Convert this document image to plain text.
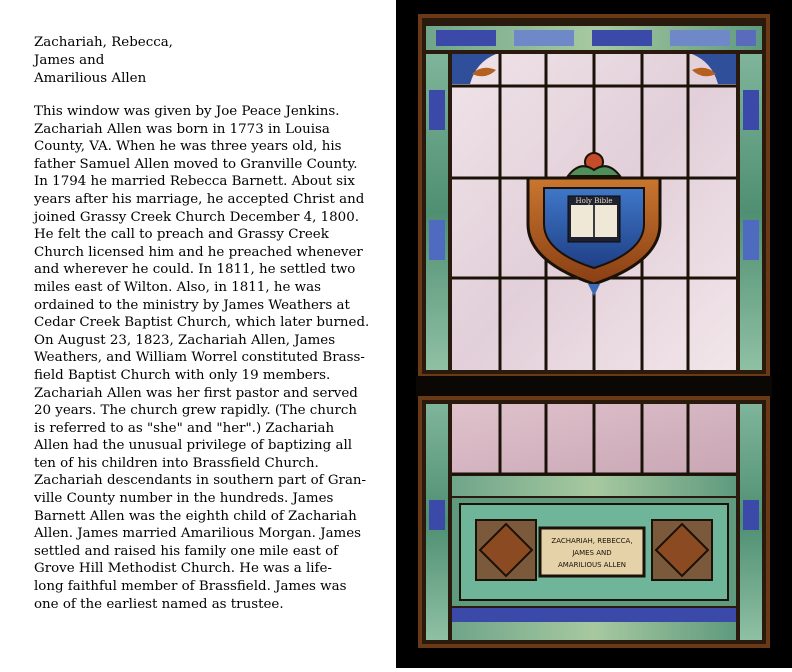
Zachariah, Rebecca,
James and
Amarilious Allen
This window was given by Joe Peace Jenkins.
Zachariah Allen was born in 1773 in Louisa
County, VA. When he was three years old, his
father Samuel Allen moved to Granville County.
In 1794 he married Rebecca Barnett. About six
years after his marriage, he accepted Christ and
joined Grassy Creek Church December 4, 1800.
He felt the call to preach and Grassy Creek
Church licensed him and he preached whenever
and wherever he could. In 1811, he settled two
miles east of Wilton. Also, in 1811, he was
ordained to the ministry by James Weathers at
Cedar Creek Baptist Church, which later burned.
On August 23, 1823, Zachariah Allen, James
Weathers, and William Worrel constituted Brass-
field Baptist Church with only 19 members.
Zachariah Allen was her first pastor and served
20 years. The church grew rapidly. (The church
is referred to as "she" and "her".) Zachariah
Allen had the unusual privilege of baptizing all
ten of his children into Brassfield Church.
Zachariah descendants in southern part of Gran-
ville County number in the hundreds. James
Barnett Allen was the eighth child of Zachariah
Allen. James married Amarilious Morgan. James
settled and raised his family one mile east of
Grove Hill Methodist Church. He was a life-
long faithful member of Brassfield. James was
one of the earliest named as trustee.
Holy Bible
ZACHARIAH, REBECCA,
JAMES AND
AMARILIOUS ALLEN
